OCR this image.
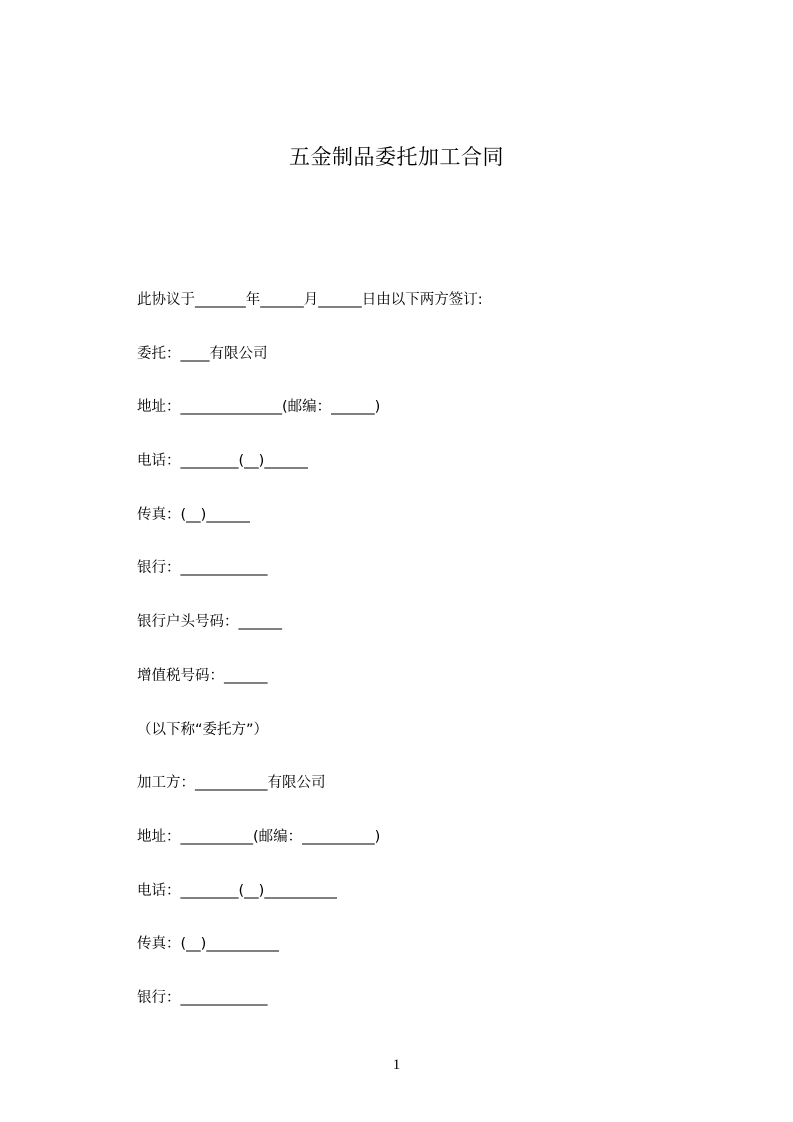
五金制品委托加工合同
此协议于_______年______月______日由以下两方签订:
委托：____有限公司
地址：______________(邮编：______)
电话：________(__)______
传真：(__)______
银行：____________
银行户头号码：______
增值税号码：______
（以下称“委托方”）
加工方：__________有限公司
地址：__________(邮编：__________)
电话：________(__)__________
传真：(__)__________
银行：____________
1
